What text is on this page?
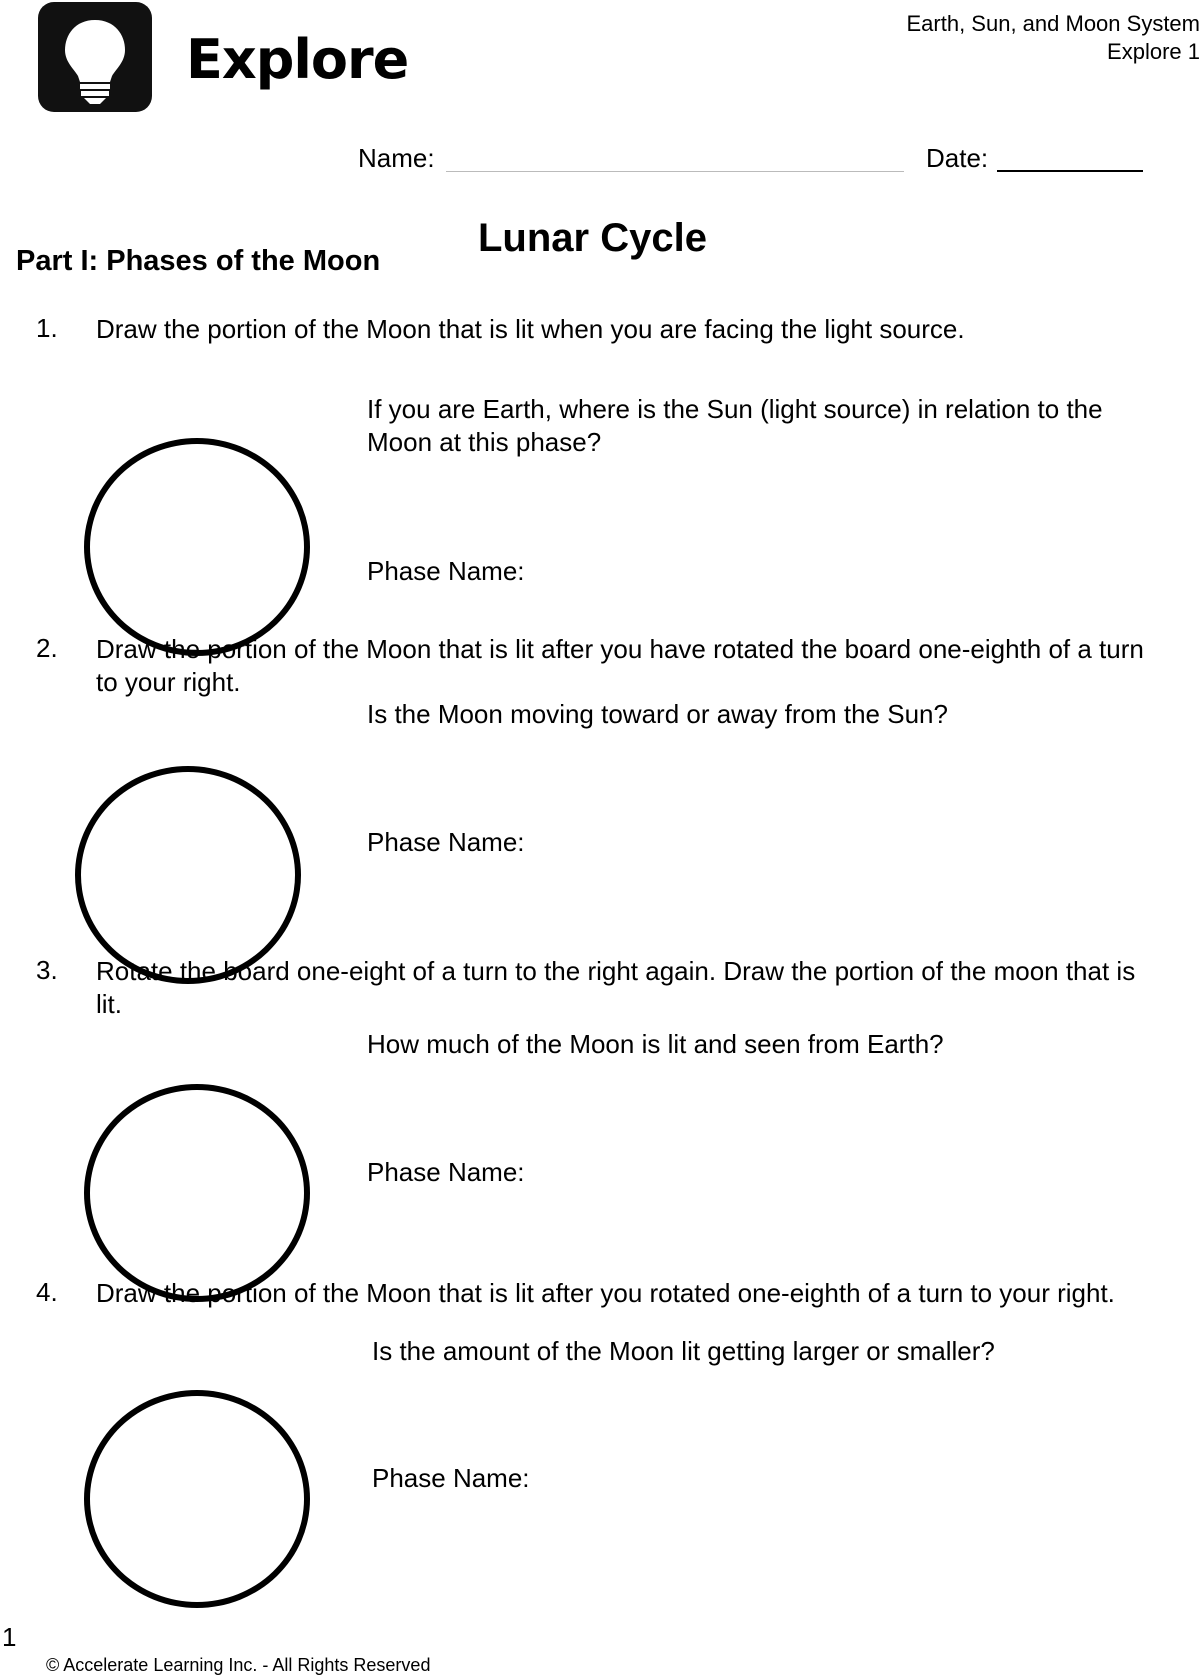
Explore
Earth, Sun, and Moon System
Explore 1
Name:	Date:
Lunar Cycle
Part I: Phases of the Moon
1. Draw the portion of the Moon that is lit when you are facing the light source.
If you are Earth, where is the Sun (light source) in relation to the Moon at this phase?
Phase Name:
2. Draw the portion of the Moon that is lit after you have rotated the board one-eighth of a turn to your right.
Is the Moon moving toward or away from the Sun?
Phase Name:
3. Rotate the board one-eight of a turn to the right again. Draw the portion of the moon that is lit.
How much of the Moon is lit and seen from Earth?
Phase Name:
4. Draw the portion of the Moon that is lit after you rotated one-eighth of a turn to your right.
Is the amount of the Moon lit getting larger or smaller?
Phase Name:
1
© Accelerate Learning Inc. - All Rights Reserved
